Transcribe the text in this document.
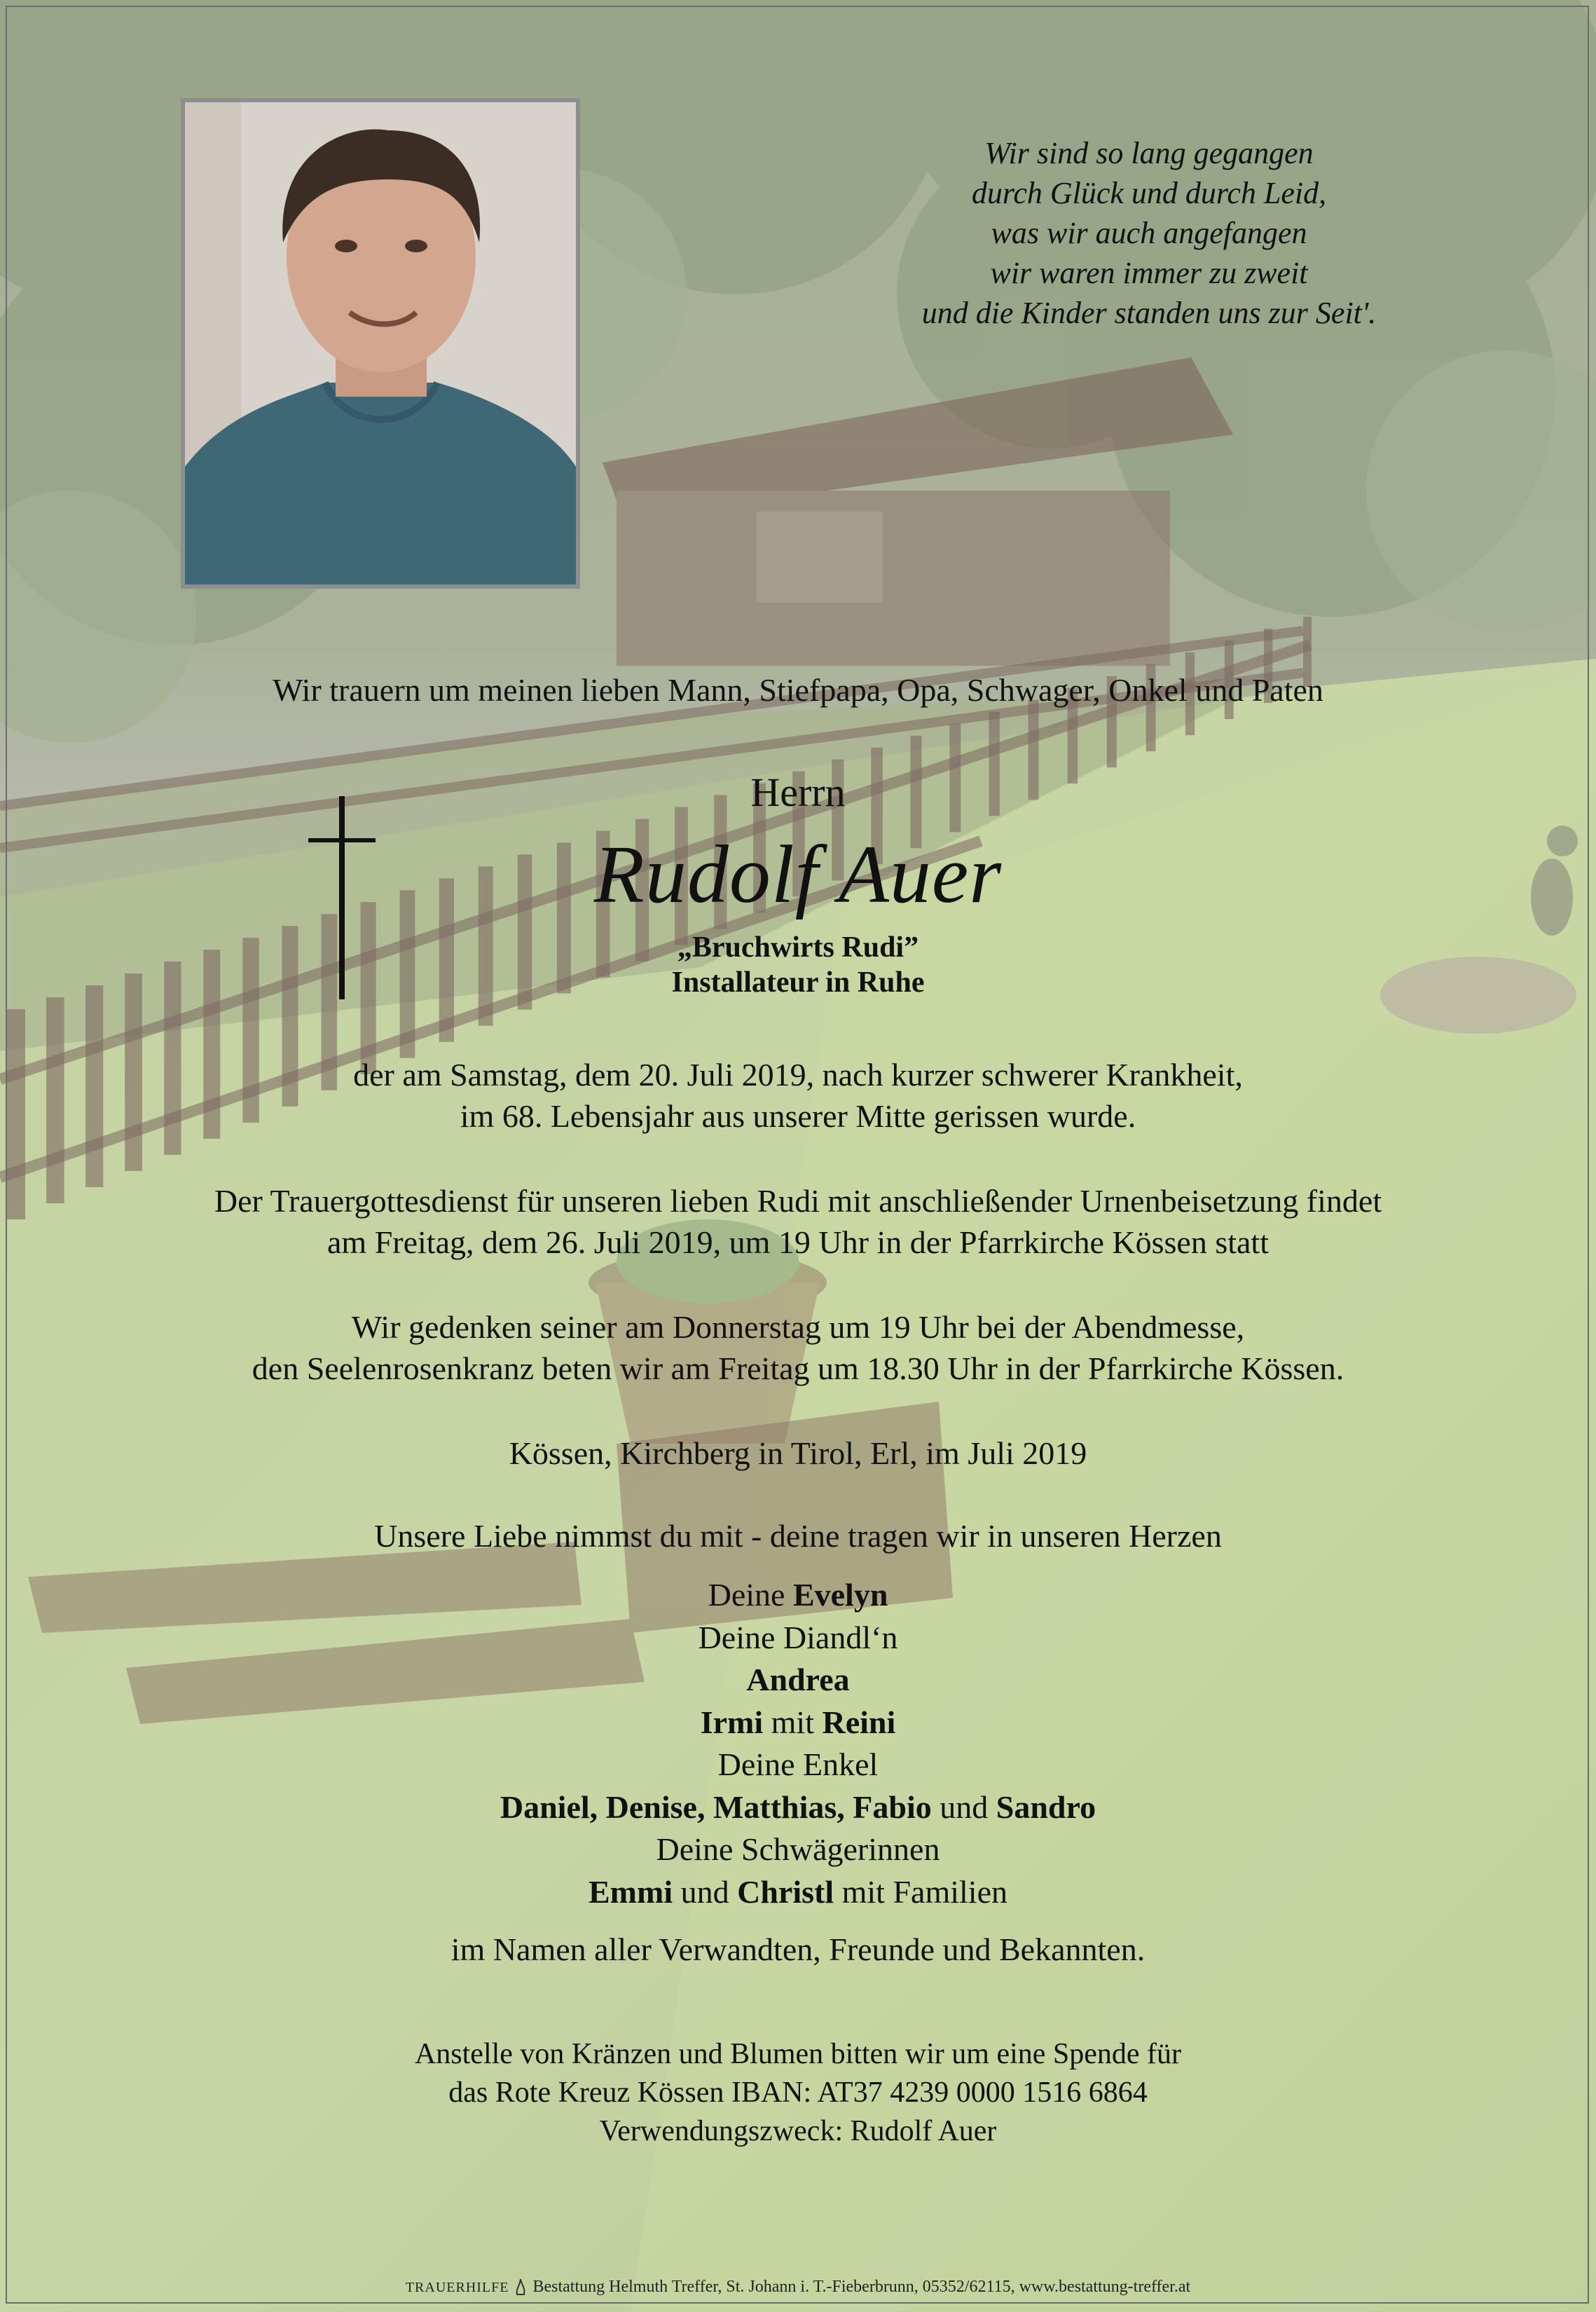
Wir sind so lang gegangen
durch Glück und durch Leid,
was wir auch angefangen
wir waren immer zu zweit
und die Kinder standen uns zur Seit'.
Wir trauern um meinen lieben Mann, Stiefpapa, Opa, Schwager, Onkel und Paten
Herrn
Rudolf Auer
„Bruchwirts Rudi”
Installateur in Ruhe
der am Samstag, dem 20. Juli 2019, nach kurzer schwerer Krankheit,
im 68. Lebensjahr aus unserer Mitte gerissen wurde.
Der Trauergottesdienst für unseren lieben Rudi mit anschließender Urnenbeisetzung findet
am Freitag, dem 26. Juli 2019, um 19 Uhr in der Pfarrkirche Kössen statt
Wir gedenken seiner am Donnerstag um 19 Uhr bei der Abendmesse,
den Seelenrosenkranz beten wir am Freitag um 18.30 Uhr in der Pfarrkirche Kössen.
Kössen, Kirchberg in Tirol, Erl, im Juli 2019
Unsere Liebe nimmst du mit - deine tragen wir in unseren Herzen
Deine Evelyn
Deine Diandl‘n
Andrea
Irmi mit Reini
Deine Enkel
Daniel, Denise, Matthias, Fabio und Sandro
Deine Schwägerinnen
Emmi und Christl mit Familien
im Namen aller Verwandten, Freunde und Bekannten.
Anstelle von Kränzen und Blumen bitten wir um eine Spende für
das Rote Kreuz Kössen IBAN: AT37 4239 0000 1516 6864
Verwendungszweck: Rudolf Auer
TRAUERHILFE Bestattung Helmuth Treffer, St. Johann i. T.-Fieberbrunn, 05352/62115, www.bestattung-treffer.at
